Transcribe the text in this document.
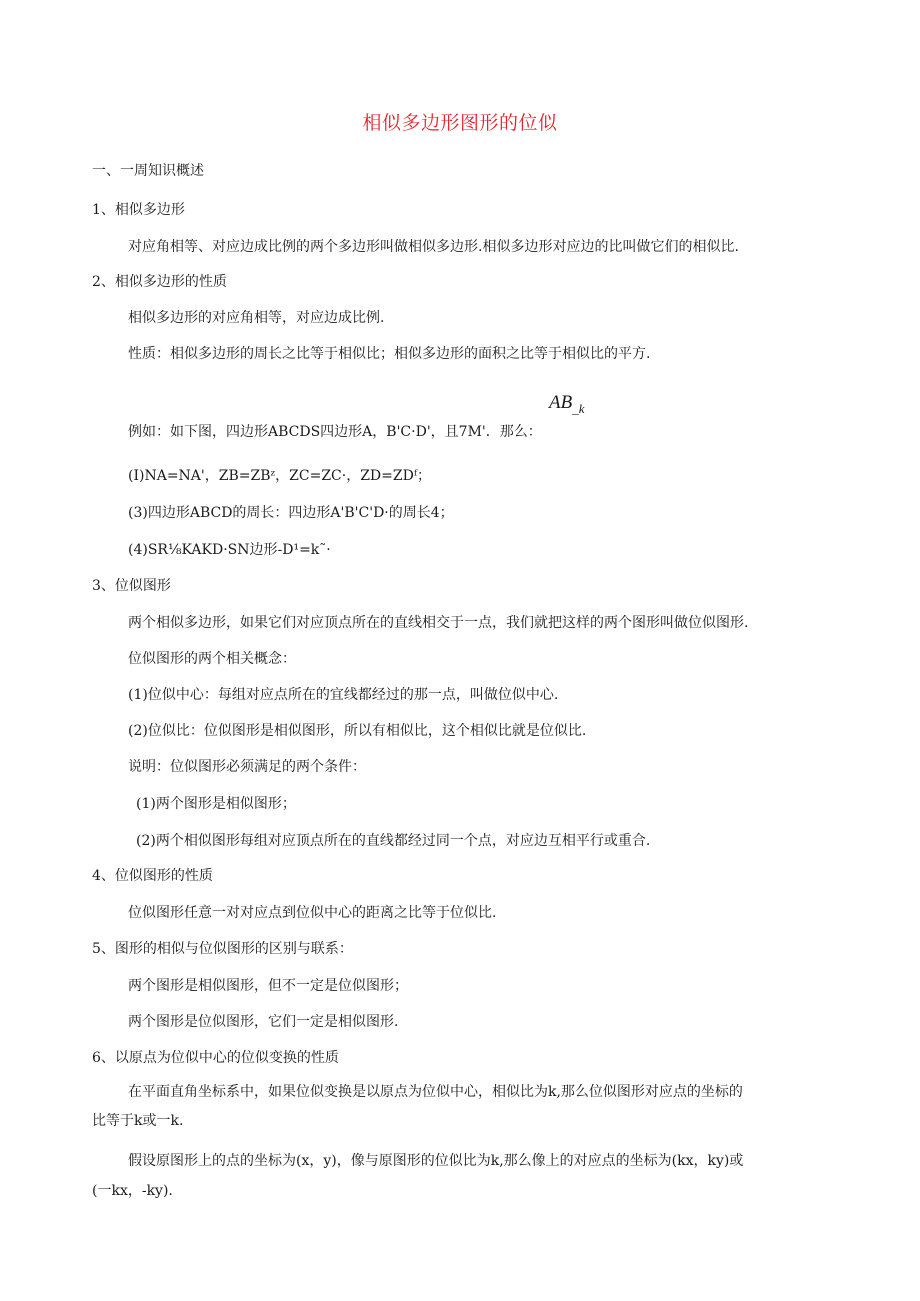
相似多边形图形的位似
一、一周知识概述
1、相似多边形
对应角相等、对应边成比例的两个多边形叫做相似多边形.相似多边形对应边的比叫做它们的相似比.
2、相似多边形的性质
相似多边形的对应角相等，对应边成比例.
性质：相似多边形的周长之比等于相似比；相似多边形的面积之比等于相似比的平方.
$AB_{\_k}$
例如：如下图，四边形ABCDS四边形A，B'C·D'，且7M'．那么：
(I)NA=NA'，ZB=ZBᶻ，ZC=ZC·，ZD=ZDᶠ；
(3)四边形ABCD的周长：四边形A'B'C'D·的周长4；
(4)SR⅛KAKD·SN边形-D¹=k˜·
3、位似图形
两个相似多边形，如果它们对应顶点所在的直线相交于一点，我们就把这样的两个图形叫做位似图形.
位似图形的两个相关概念：
(1)位似中心：每组对应点所在的宜线都经过的那一点，叫做位似中心.
(2)位似比：位似图形是相似图形，所以有相似比，这个相似比就是位似比.
说明：位似图形必须满足的两个条件：
(1)两个图形是相似图形；
(2)两个相似图形每组对应顶点所在的直线都经过同一个点，对应边互相平行或重合.
4、位似图形的性质
位似图形任意一对对应点到位似中心的距离之比等于位似比.
5、图形的相似与位似图形的区别与联系：
两个图形是相似图形，但不一定是位似图形；
两个图形是位似图形，它们一定是相似图形.
6、以原点为位似中心的位似变换的性质
在平面直角坐标系中，如果位似变换是以原点为位似中心，相似比为k,那么位似图形对应点的坐标的
比等于k或一k.
假设原图形上的点的坐标为(x，y)，像与原图形的位似比为k,那么像上的对应点的坐标为(kx，ky)或
(一kx，-ky).
